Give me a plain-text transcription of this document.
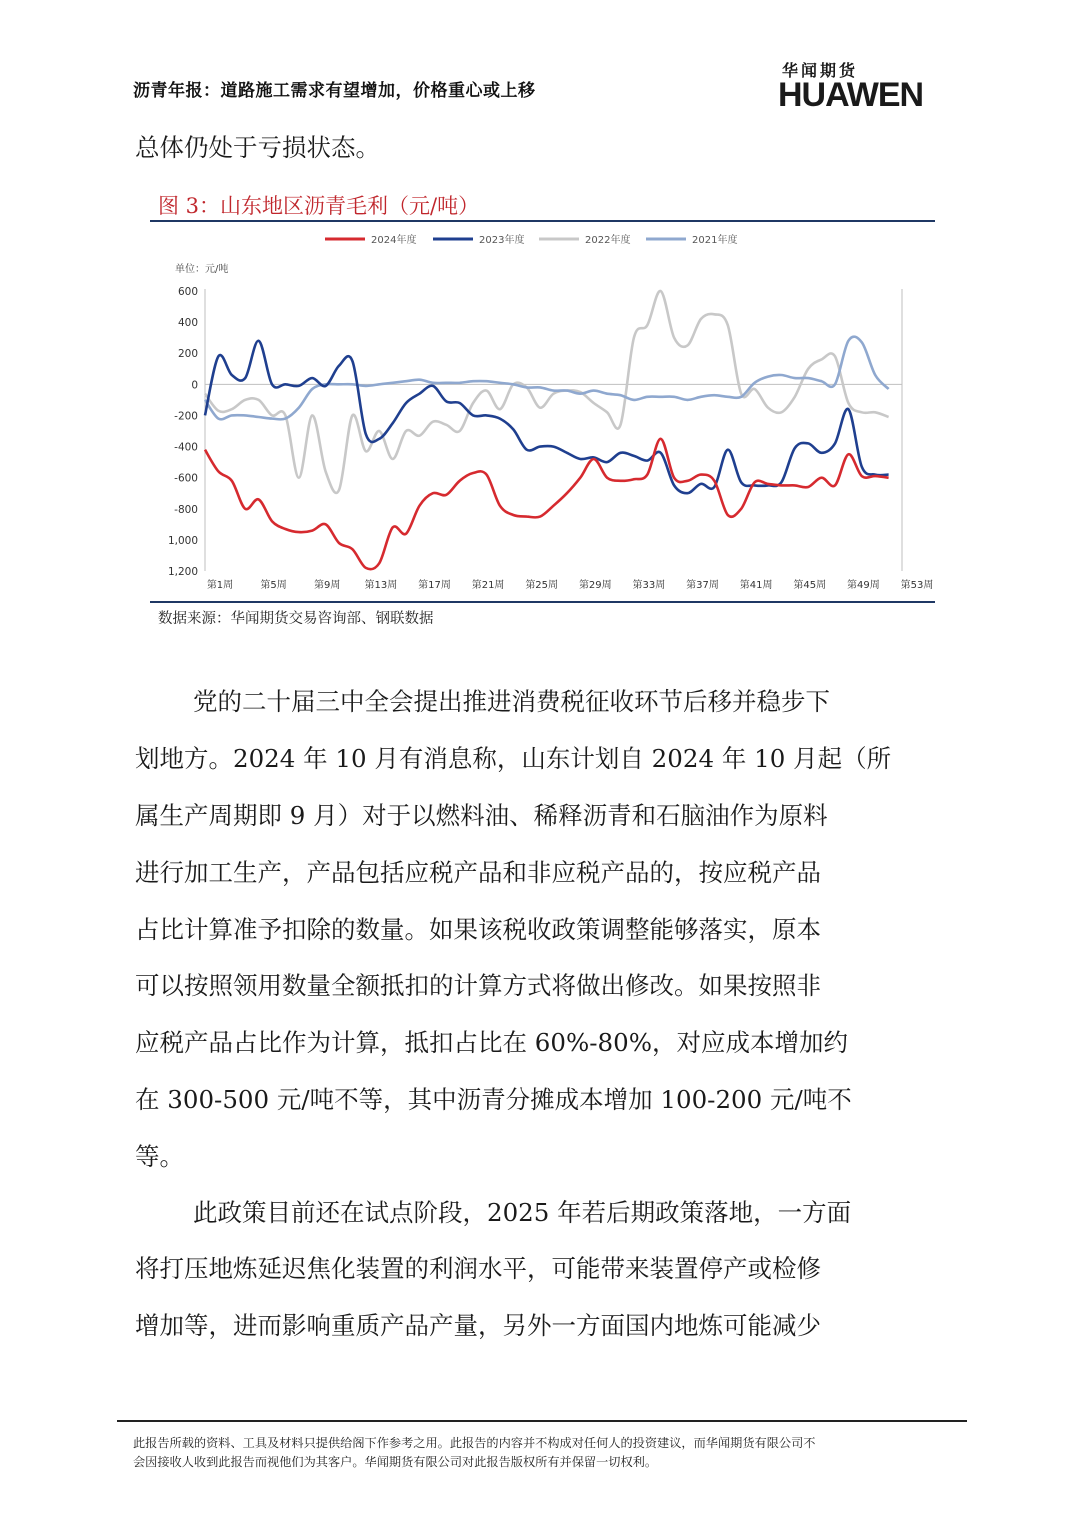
沥青年报：道路施工需求有望增加，价格重心或上移
华闻期货
HUAWEN
总体仍处于亏损状态。
图 3：山东地区沥青毛利（元/吨）
2024年度	2023年度	2022年度	2021年度
单位：元/吨
600
400
200
0
-200
-400
-600
-800
1,000
1,200
第1周	第5周	第9周 第13周 第17周 第21周 第25周 第29周 第33周 第37周 第41周 第45周 第49周 第53周
数据来源：华闻期货交易咨询部、钢联数据
党的二十届三中全会提出推进消费税征收环节后移并稳步下
划地方。2024 年 10 月有消息称，山东计划自 2024 年 10 月起（所
属生产周期即 9 月）对于以燃料油、稀释沥青和石脑油作为原料
进行加工生产，产品包括应税产品和非应税产品的，按应税产品
占比计算准予扣除的数量。如果该税收政策调整能够落实，原本
可以按照领用数量全额抵扣的计算方式将做出修改。如果按照非
应税产品占比作为计算，抵扣占比在 60%-80%，对应成本增加约
在 300-500 元/吨不等，其中沥青分摊成本增加 100-200 元/吨不
等。
此政策目前还在试点阶段，2025 年若后期政策落地，一方面
将打压地炼延迟焦化装置的利润水平，可能带来装置停产或检修
增加等，进而影响重质产品产量，另外一方面国内地炼可能减少
此报告所载的资料、工具及材料只提供给阁下作参考之用。此报告的内容并不构成对任何人的投资建议，而华闻期货有限公司不
会因接收人收到此报告而视他们为其客户。华闻期货有限公司对此报告版权所有并保留一切权利。
